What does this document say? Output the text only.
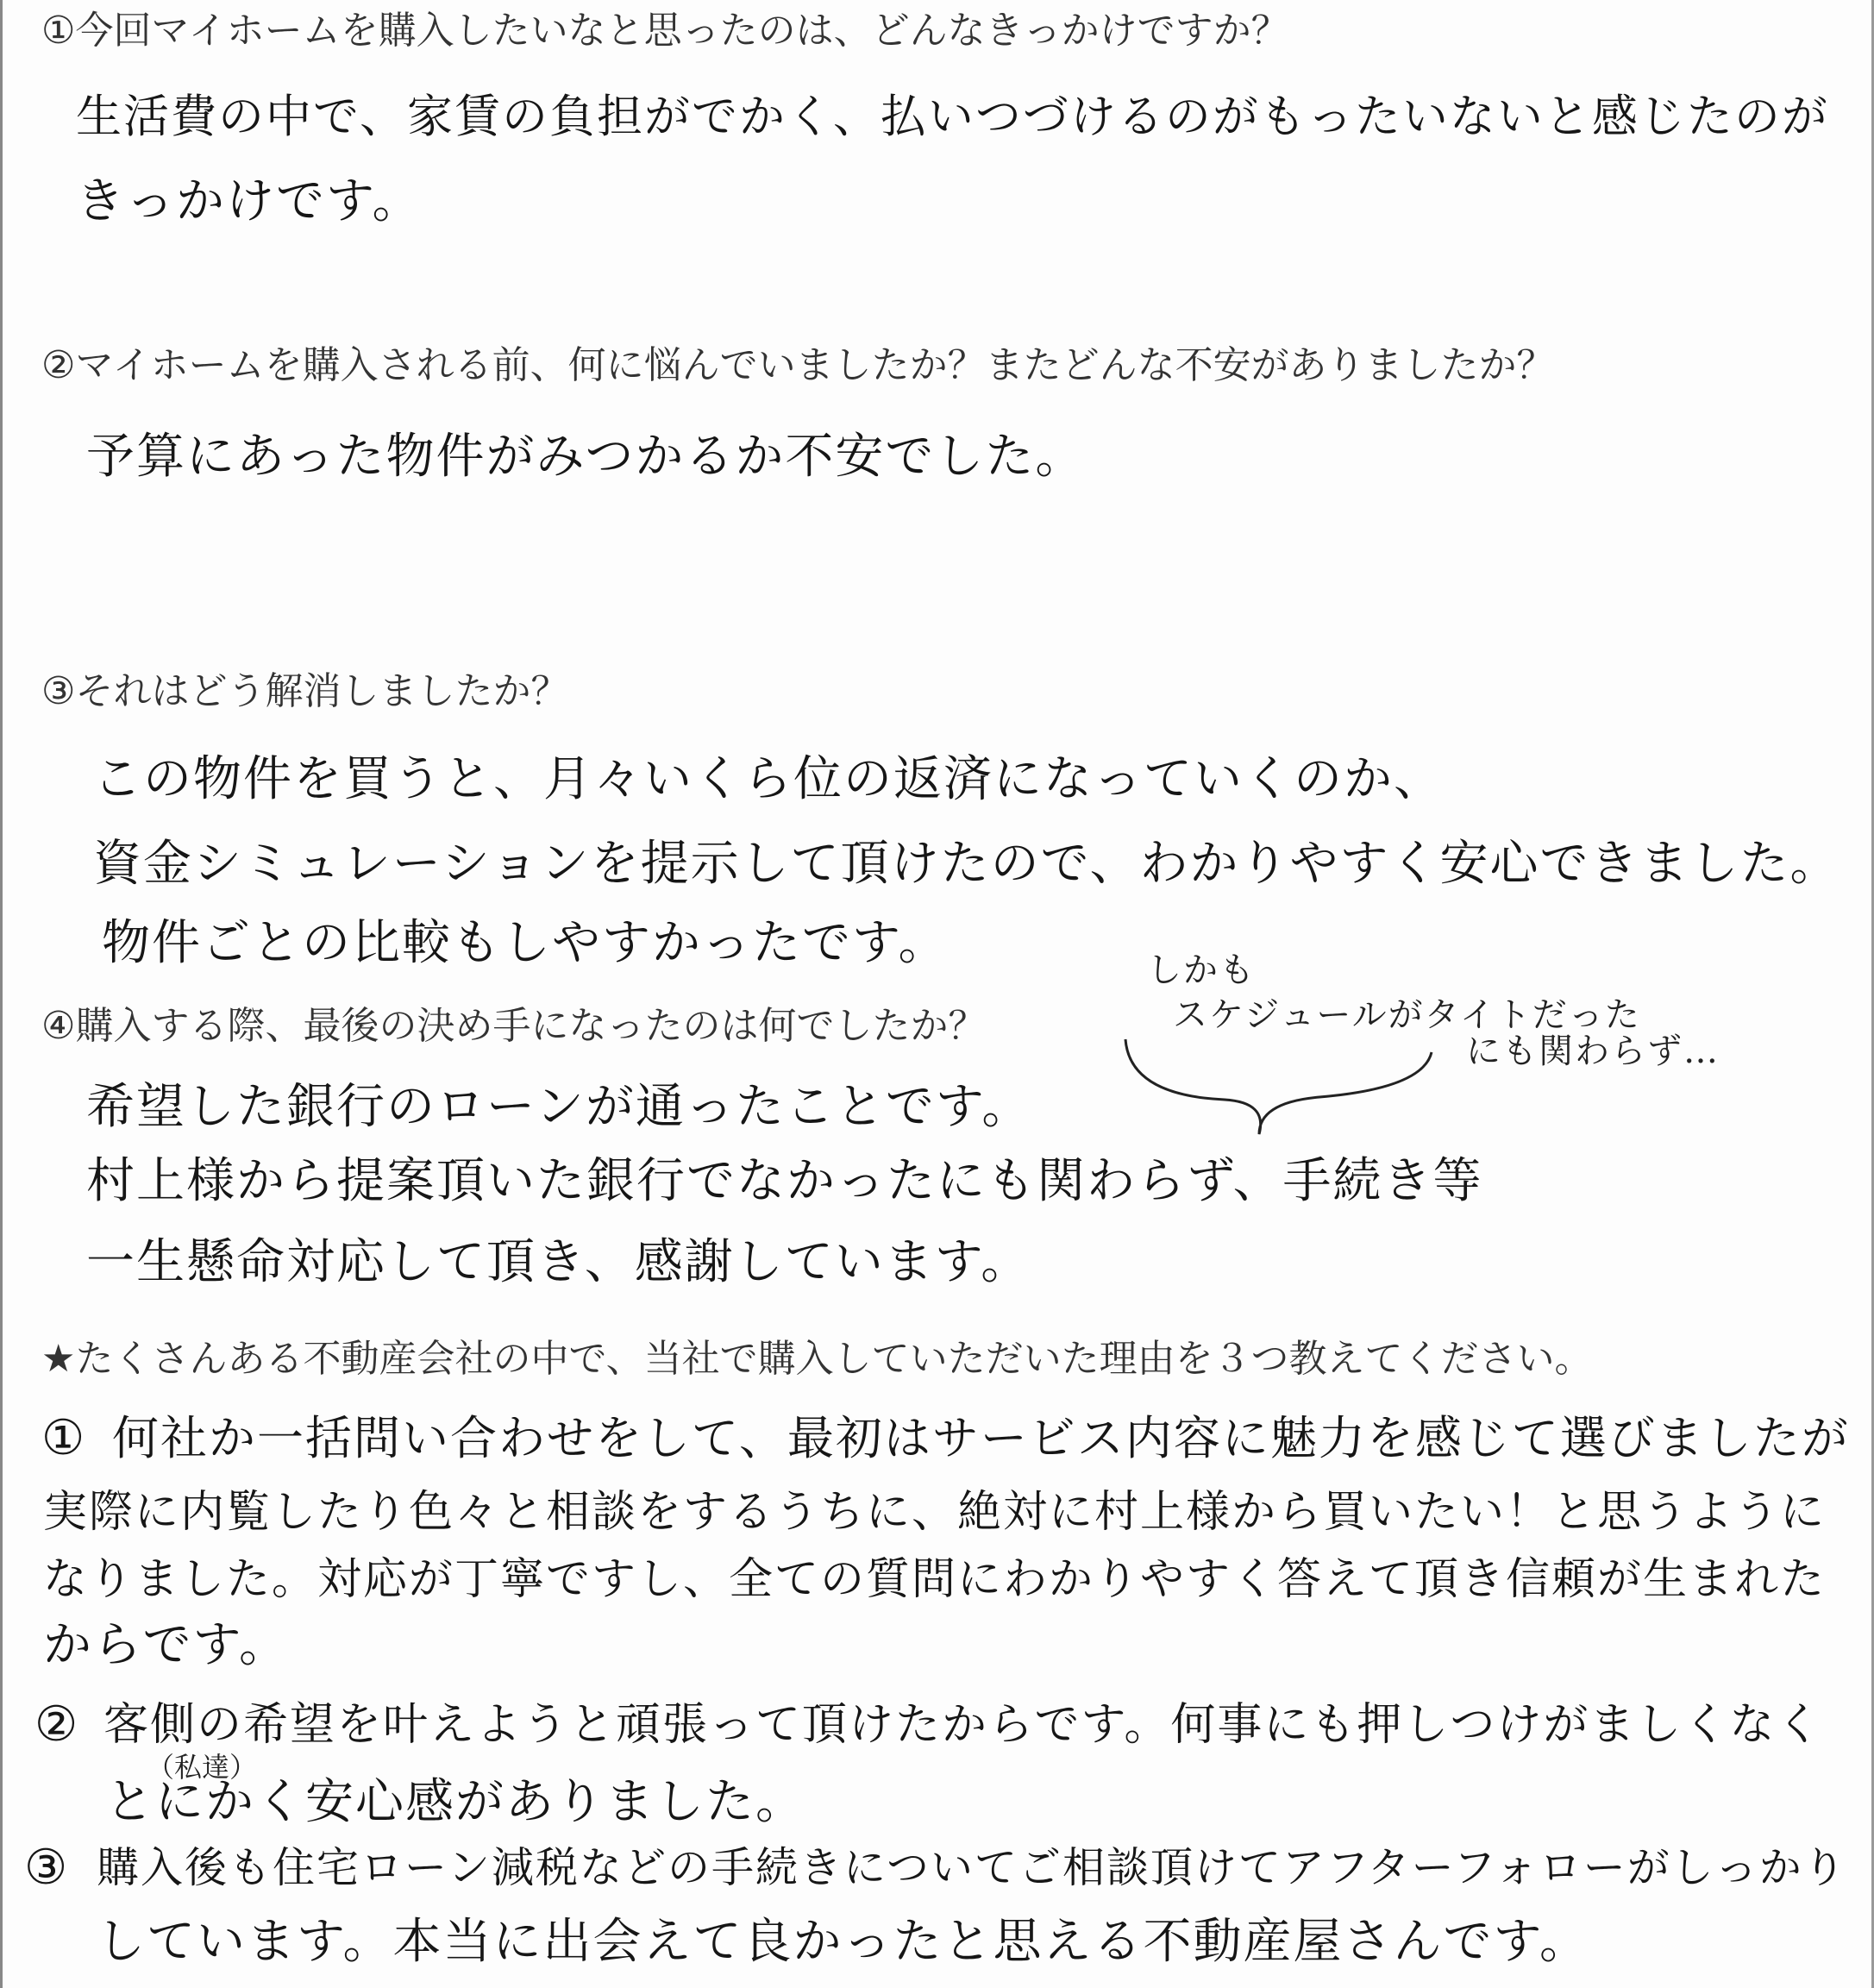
①今回マイホームを購入したいなと思ったのは、どんなきっかけですか？
生活費の中で、家賃の負担がでかく、払いつづけるのがもったいないと感じたのが
きっかけです。
②マイホームを購入される前、何に悩んでいましたか？またどんな不安がありましたか？
予算にあった物件がみつかるか不安でした。
③それはどう解消しましたか？
この物件を買うと、月々いくら位の返済になっていくのか、
資金シミュレーションを提示して頂けたので、わかりやすく安心できました。
物件ごとの比較もしやすかったです。	しかも
スケジュールがタイトだった
にも関わらず…
④購入する際、最後の決め手になったのは何でしたか？
希望した銀行のローンが通ったことです。
村上様から提案頂いた銀行でなかったにも関わらず、手続き等
一生懸命対応して頂き、感謝しています。
★たくさんある不動産会社の中で、当社で購入していただいた理由を３つ教えてください。
① 何社か一括問い合わせをして、最初はサービス内容に魅力を感じて選びましたが
実際に内覧したり色々と相談をするうちに、絶対に村上様から買いたい！と思うように
なりました。対応が丁寧ですし、全ての質問にわかりやすく答えて頂き信頼が生まれた
からです。
② 客側の希望を叶えようと頑張って頂けたからです。何事にも押しつけがましくなく
（私達）
とにかく安心感がありました。
③ 購入後も住宅ローン減税などの手続きについてご相談頂けてアフターフォローがしっかり
しています。本当に出会えて良かったと思える不動産屋さんです。
